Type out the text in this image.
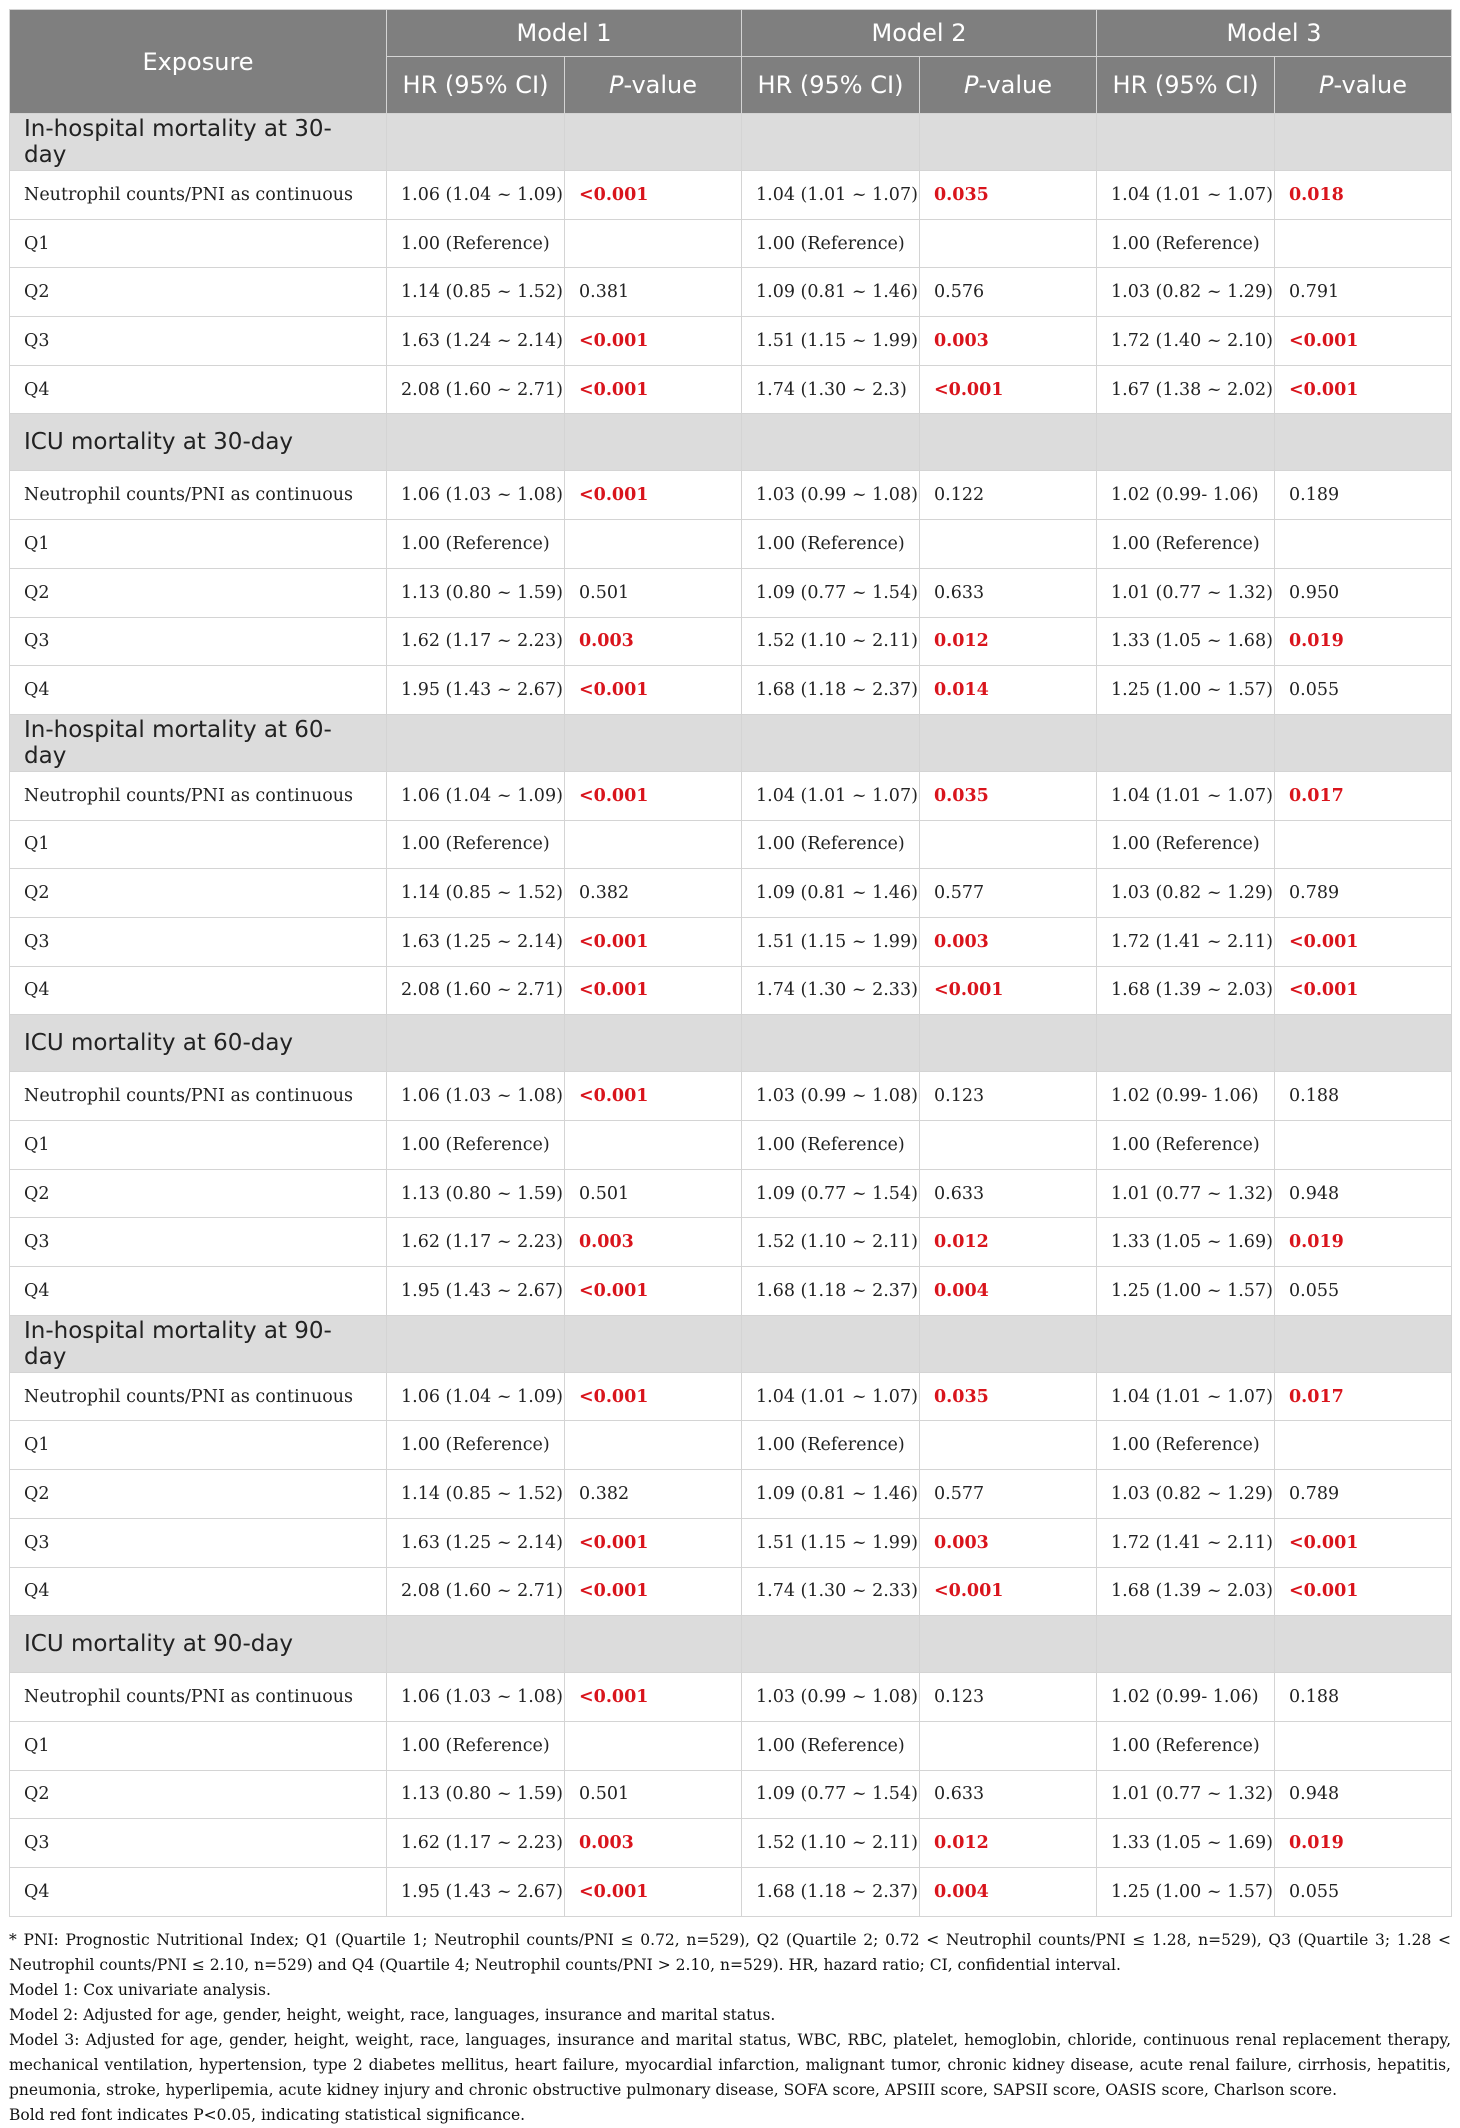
Exposure	Model 1		Model 2		Model 3	
	HR (95% CI)	P-value	HR (95% CI)	P-value	HR (95% CI)	P-value
In-hospital mortality at 30-day						
Neutrophil counts/PNI as continuous	1.06 (1.04 ~ 1.09)	<0.001	1.04 (1.01 ~ 1.07)	0.035	1.04 (1.01 ~ 1.07)	0.018
Q1	1.00 (Reference)		1.00 (Reference)		1.00 (Reference)	
Q2	1.14 (0.85 ~ 1.52)	0.381	1.09 (0.81 ~ 1.46)	0.576	1.03 (0.82 ~ 1.29)	0.791
Q3	1.63 (1.24 ~ 2.14)	<0.001	1.51 (1.15 ~ 1.99)	0.003	1.72 (1.40 ~ 2.10)	<0.001
Q4	2.08 (1.60 ~ 2.71)	<0.001	1.74 (1.30 ~ 2.3)	<0.001	1.67 (1.38 ~ 2.02)	<0.001
ICU mortality at 30-day						
Neutrophil counts/PNI as continuous	1.06 (1.03 ~ 1.08)	<0.001	1.03 (0.99 ~ 1.08)	0.122	1.02 (0.99- 1.06)	0.189
Q1	1.00 (Reference)		1.00 (Reference)		1.00 (Reference)	
Q2	1.13 (0.80 ~ 1.59)	0.501	1.09 (0.77 ~ 1.54)	0.633	1.01 (0.77 ~ 1.32)	0.950
Q3	1.62 (1.17 ~ 2.23)	0.003	1.52 (1.10 ~ 2.11)	0.012	1.33 (1.05 ~ 1.68)	0.019
Q4	1.95 (1.43 ~ 2.67)	<0.001	1.68 (1.18 ~ 2.37)	0.014	1.25 (1.00 ~ 1.57)	0.055
In-hospital mortality at 60-day						
Neutrophil counts/PNI as continuous	1.06 (1.04 ~ 1.09)	<0.001	1.04 (1.01 ~ 1.07)	0.035	1.04 (1.01 ~ 1.07)	0.017
Q1	1.00 (Reference)		1.00 (Reference)		1.00 (Reference)	
Q2	1.14 (0.85 ~ 1.52)	0.382	1.09 (0.81 ~ 1.46)	0.577	1.03 (0.82 ~ 1.29)	0.789
Q3	1.63 (1.25 ~ 2.14)	<0.001	1.51 (1.15 ~ 1.99)	0.003	1.72 (1.41 ~ 2.11)	<0.001
Q4	2.08 (1.60 ~ 2.71)	<0.001	1.74 (1.30 ~ 2.33)	<0.001	1.68 (1.39 ~ 2.03)	<0.001
ICU mortality at 60-day						
Neutrophil counts/PNI as continuous	1.06 (1.03 ~ 1.08)	<0.001	1.03 (0.99 ~ 1.08)	0.123	1.02 (0.99- 1.06)	0.188
Q1	1.00 (Reference)		1.00 (Reference)		1.00 (Reference)	
Q2	1.13 (0.80 ~ 1.59)	0.501	1.09 (0.77 ~ 1.54)	0.633	1.01 (0.77 ~ 1.32)	0.948
Q3	1.62 (1.17 ~ 2.23)	0.003	1.52 (1.10 ~ 2.11)	0.012	1.33 (1.05 ~ 1.69)	0.019
Q4	1.95 (1.43 ~ 2.67)	<0.001	1.68 (1.18 ~ 2.37)	0.004	1.25 (1.00 ~ 1.57)	0.055
In-hospital mortality at 90-day						
Neutrophil counts/PNI as continuous	1.06 (1.04 ~ 1.09)	<0.001	1.04 (1.01 ~ 1.07)	0.035	1.04 (1.01 ~ 1.07)	0.017
Q1	1.00 (Reference)		1.00 (Reference)		1.00 (Reference)	
Q2	1.14 (0.85 ~ 1.52)	0.382	1.09 (0.81 ~ 1.46)	0.577	1.03 (0.82 ~ 1.29)	0.789
Q3	1.63 (1.25 ~ 2.14)	<0.001	1.51 (1.15 ~ 1.99)	0.003	1.72 (1.41 ~ 2.11)	<0.001
Q4	2.08 (1.60 ~ 2.71)	<0.001	1.74 (1.30 ~ 2.33)	<0.001	1.68 (1.39 ~ 2.03)	<0.001
ICU mortality at 90-day						
Neutrophil counts/PNI as continuous	1.06 (1.03 ~ 1.08)	<0.001	1.03 (0.99 ~ 1.08)	0.123	1.02 (0.99- 1.06)	0.188
Q1	1.00 (Reference)		1.00 (Reference)		1.00 (Reference)	
Q2	1.13 (0.80 ~ 1.59)	0.501	1.09 (0.77 ~ 1.54)	0.633	1.01 (0.77 ~ 1.32)	0.948
Q3	1.62 (1.17 ~ 2.23)	0.003	1.52 (1.10 ~ 2.11)	0.012	1.33 (1.05 ~ 1.69)	0.019
Q4	1.95 (1.43 ~ 2.67)	<0.001	1.68 (1.18 ~ 2.37)	0.004	1.25 (1.00 ~ 1.57)	0.055

* PNI: Prognostic Nutritional Index; Q1 (Quartile 1; Neutrophil counts/PNI ≤ 0.72, n=529), Q2 (Quartile 2; 0.72 < Neutrophil counts/PNI ≤ 1.28, n=529), Q3 (Quartile 3; 1.28 < Neutrophil counts/PNI ≤ 2.10, n=529) and Q4 (Quartile 4; Neutrophil counts/PNI > 2.10, n=529). HR, hazard ratio; CI, confidential interval.

Model 1: Cox univariate analysis.

Model 2: Adjusted for age, gender, height, weight, race, languages, insurance and marital status.

Model 3: Adjusted for age, gender, height, weight, race, languages, insurance and marital status, WBC, RBC, platelet, hemoglobin, chloride, continuous renal replacement therapy, mechanical ventilation, hypertension, type 2 diabetes mellitus, heart failure, myocardial infarction, malignant tumor, chronic kidney disease, acute renal failure, cirrhosis, hepatitis, pneumonia, stroke, hyperlipemia, acute kidney injury and chronic obstructive pulmonary disease, SOFA score, APSIII score, SAPSII score, OASIS score, Charlson score.

Bold red font indicates P<0.05, indicating statistical significance.
